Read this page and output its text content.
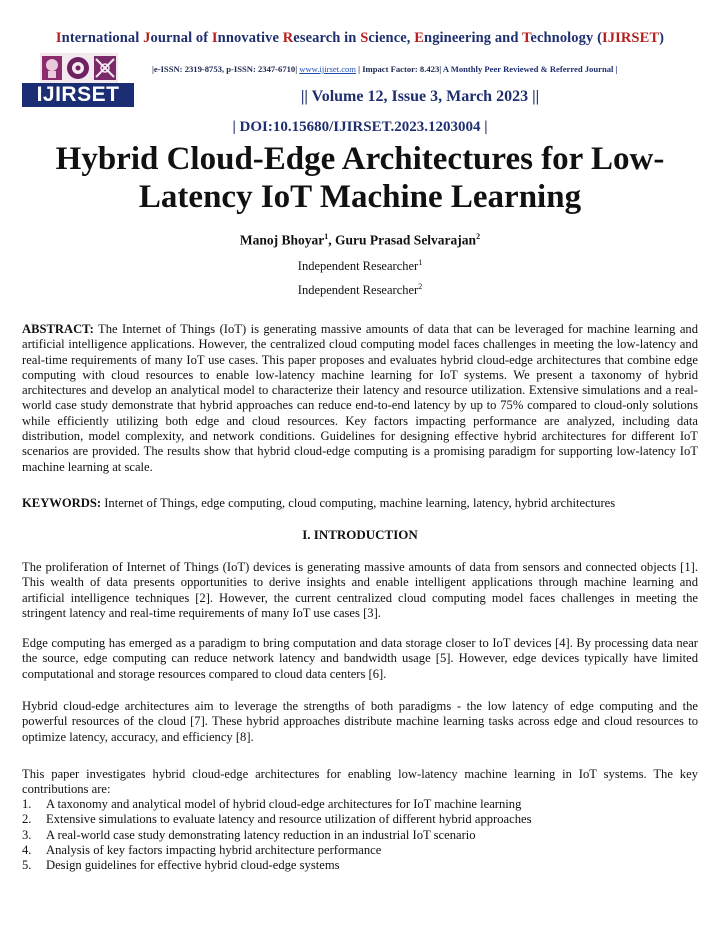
International Journal of Innovative Research in Science, Engineering and Technology (IJIRSET)
IJIRSET
|e-ISSN: 2319-8753, p-ISSN: 2347-6710| www.ijirset.com | Impact Factor: 8.423| A Monthly Peer Reviewed & Referred Journal |
|| Volume 12, Issue 3, March 2023 ||
| DOI:10.15680/IJIRSET.2023.1203004 |
Hybrid Cloud-Edge Architectures for Low-
Latency IoT Machine Learning
Manoj Bhoyar$^1$, Guru Prasad Selvarajan$^2$
Independent Researcher$^1$
Independent Researcher$^2$
ABSTRACT: The Internet of Things (IoT) is generating massive amounts of data that can be leveraged for machine learning and artificial intelligence applications. However, the centralized cloud computing model faces challenges in meeting the low-latency and real-time requirements of many IoT use cases. This paper proposes and evaluates hybrid cloud-edge architectures that combine edge computing with cloud resources to enable low-latency machine learning for IoT systems. We present a taxonomy of hybrid architectures and develop an analytical model to characterize their latency and resource utilization. Extensive simulations and a real-world case study demonstrate that hybrid approaches can reduce end-to-end latency by up to 75% compared to cloud-only solutions while efficiently utilizing both edge and cloud resources. Key factors impacting performance are analyzed, including data distribution, model complexity, and network conditions. Guidelines for designing effective hybrid architectures for different IoT scenarios are provided. The results show that hybrid cloud-edge computing is a promising paradigm for supporting low-latency IoT machine learning at scale.
KEYWORDS: Internet of Things, edge computing, cloud computing, machine learning, latency, hybrid architectures
I. INTRODUCTION
The proliferation of Internet of Things (IoT) devices is generating massive amounts of data from sensors and connected objects [1]. This wealth of data presents opportunities to derive insights and enable intelligent applications through machine learning and artificial intelligence techniques [2]. However, the current centralized cloud computing model faces challenges in meeting the stringent latency and real-time requirements of many IoT use cases [3].
Edge computing has emerged as a paradigm to bring computation and data storage closer to IoT devices [4]. By processing data near the source, edge computing can reduce network latency and bandwidth usage [5]. However, edge devices typically have limited computational and storage resources compared to cloud data centers [6].
Hybrid cloud-edge architectures aim to leverage the strengths of both paradigms - the low latency of edge computing and the powerful resources of the cloud [7]. These hybrid approaches distribute machine learning tasks across edge and cloud resources to optimize latency, accuracy, and efficiency [8].
This paper investigates hybrid cloud-edge architectures for enabling low-latency machine learning in IoT systems. The key contributions are:
1.	A taxonomy and analytical model of hybrid cloud-edge architectures for IoT machine learning
2.	Extensive simulations to evaluate latency and resource utilization of different hybrid approaches
3.	A real-world case study demonstrating latency reduction in an industrial IoT scenario
4.	Analysis of key factors impacting hybrid architecture performance
5.	Design guidelines for effective hybrid cloud-edge systems
